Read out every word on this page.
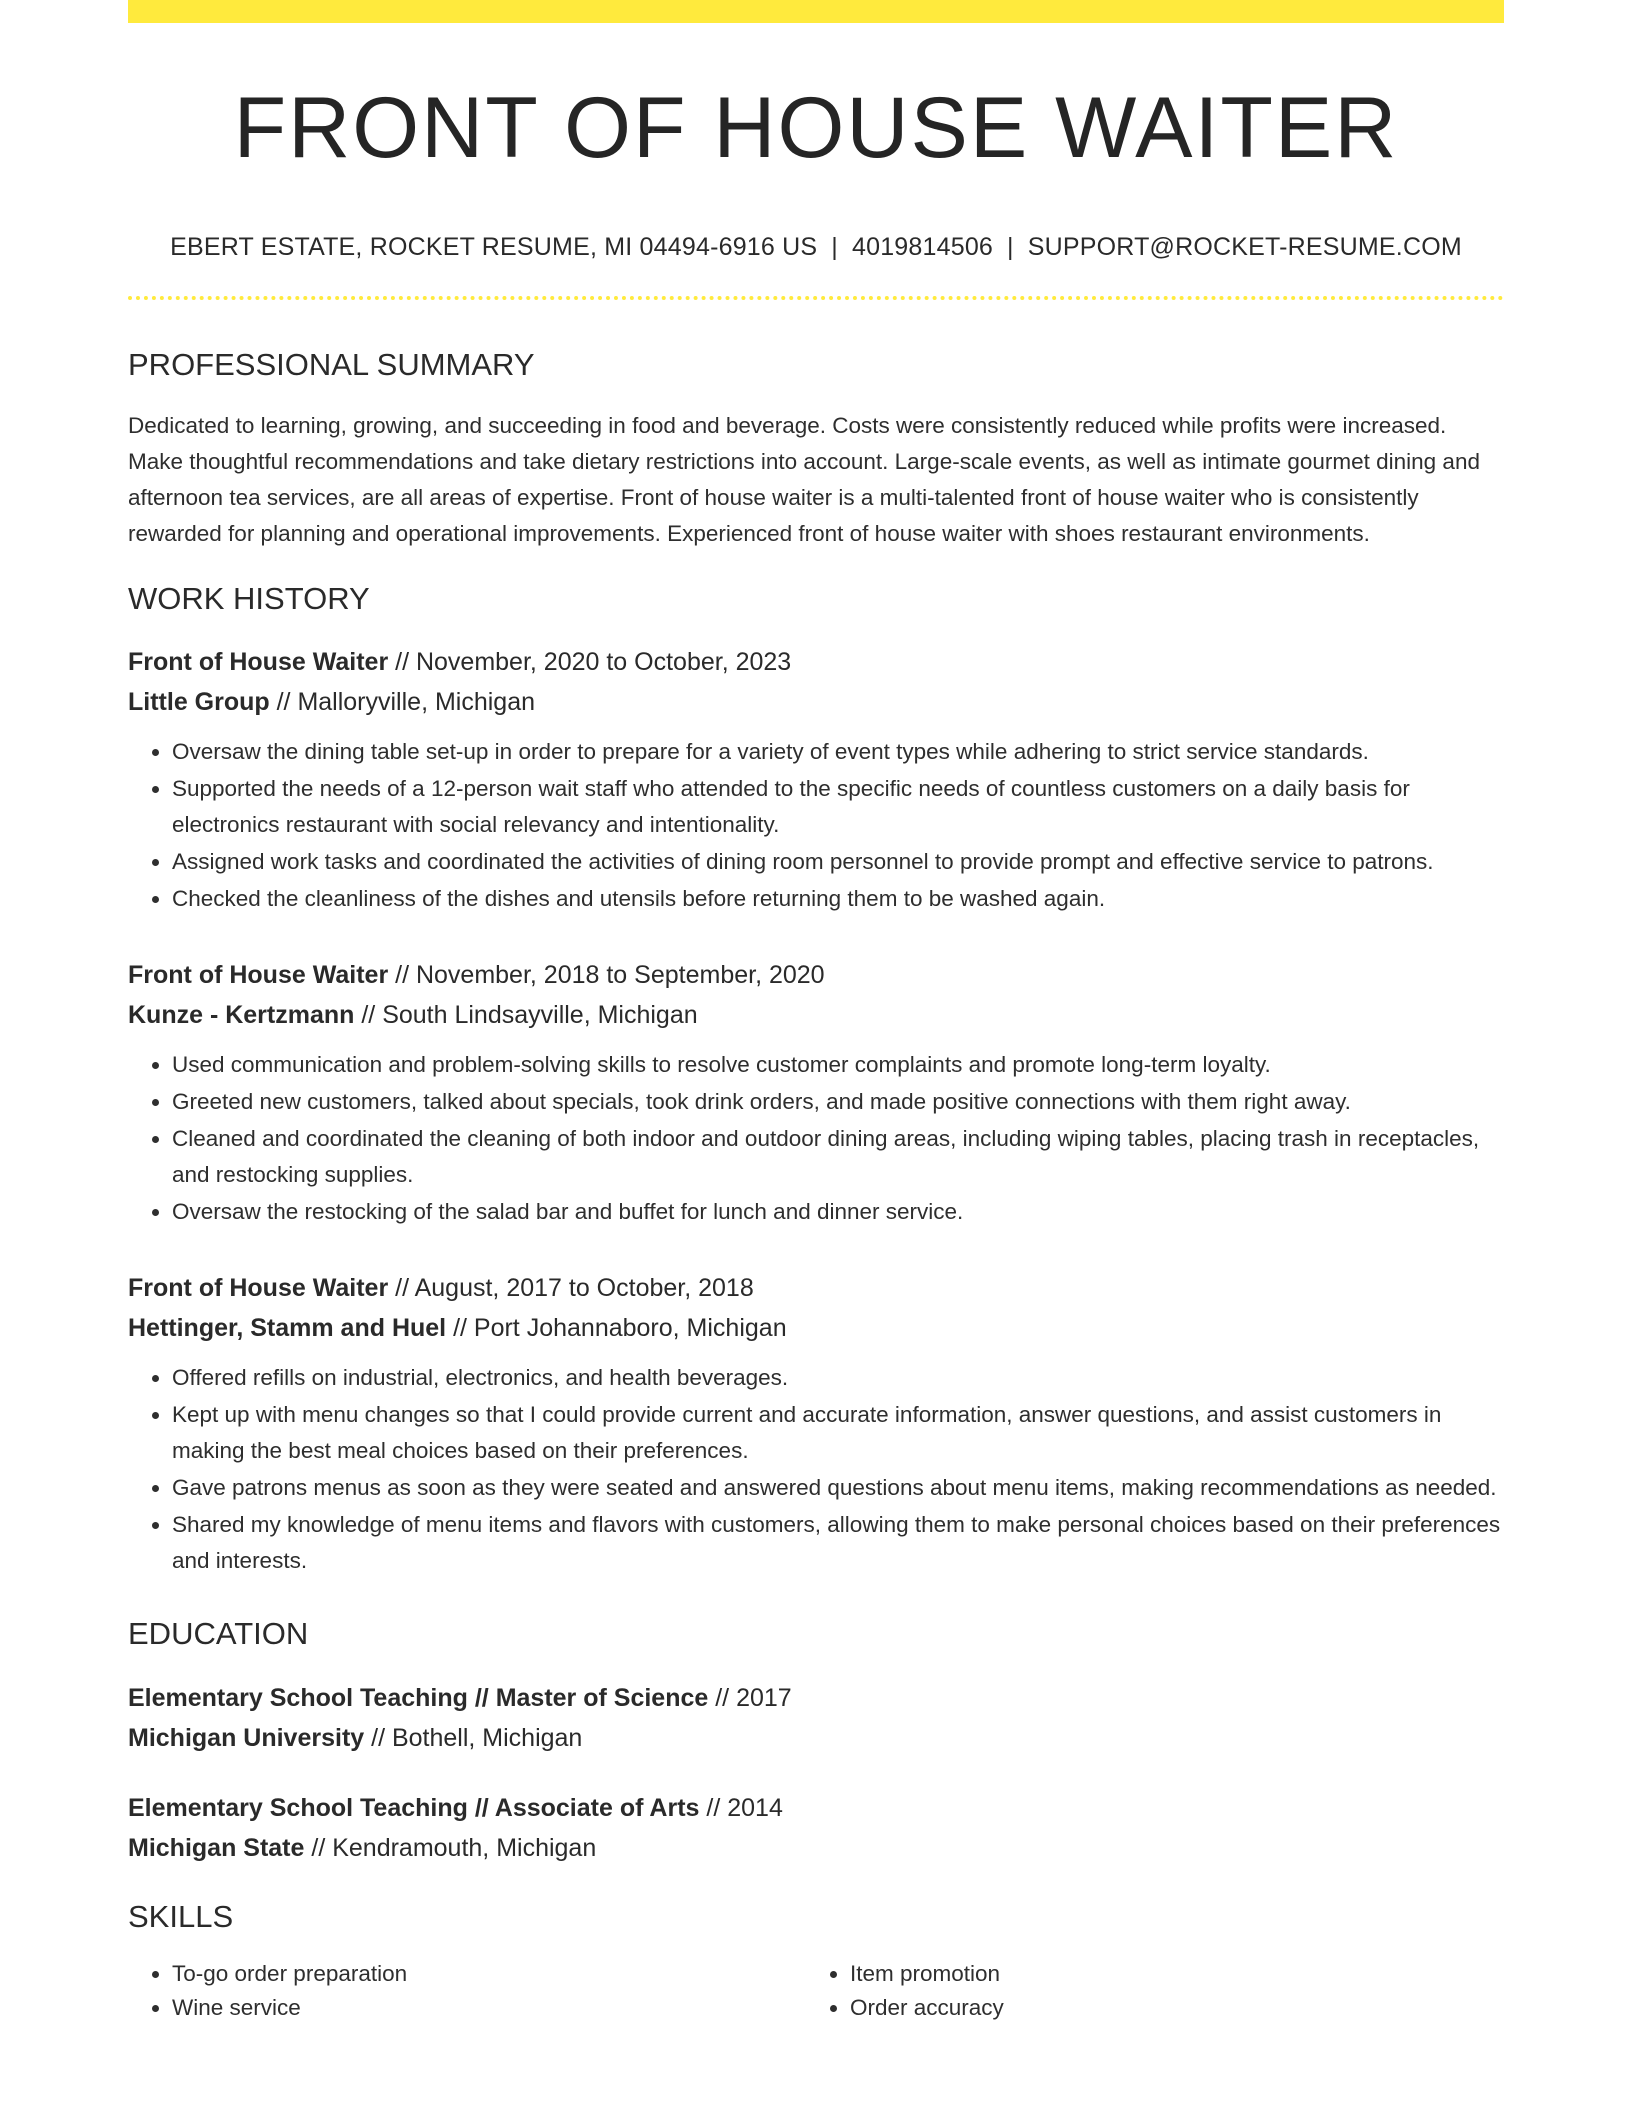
FRONT OF HOUSE WAITER
EBERT ESTATE, ROCKET RESUME, MI 04494-6916 US | 4019814506 | SUPPORT@ROCKET-RESUME.COM
PROFESSIONAL SUMMARY
Dedicated to learning, growing, and succeeding in food and beverage. Costs were consistently reduced while profits were increased. Make thoughtful recommendations and take dietary restrictions into account. Large-scale events, as well as intimate gourmet dining and afternoon tea services, are all areas of expertise. Front of house waiter is a multi-talented front of house waiter who is consistently rewarded for planning and operational improvements. Experienced front of house waiter with shoes restaurant environments.
WORK HISTORY
Front of House Waiter // November, 2020 to October, 2023
Little Group // Malloryville, Michigan
• Oversaw the dining table set-up in order to prepare for a variety of event types while adhering to strict service standards.
• Supported the needs of a 12-person wait staff who attended to the specific needs of countless customers on a daily basis for electronics restaurant with social relevancy and intentionality.
• Assigned work tasks and coordinated the activities of dining room personnel to provide prompt and effective service to patrons.
• Checked the cleanliness of the dishes and utensils before returning them to be washed again.
Front of House Waiter // November, 2018 to September, 2020
Kunze - Kertzmann // South Lindsayville, Michigan
• Used communication and problem-solving skills to resolve customer complaints and promote long-term loyalty.
• Greeted new customers, talked about specials, took drink orders, and made positive connections with them right away.
• Cleaned and coordinated the cleaning of both indoor and outdoor dining areas, including wiping tables, placing trash in receptacles, and restocking supplies.
• Oversaw the restocking of the salad bar and buffet for lunch and dinner service.
Front of House Waiter // August, 2017 to October, 2018
Hettinger, Stamm and Huel // Port Johannaboro, Michigan
• Offered refills on industrial, electronics, and health beverages.
• Kept up with menu changes so that I could provide current and accurate information, answer questions, and assist customers in making the best meal choices based on their preferences.
• Gave patrons menus as soon as they were seated and answered questions about menu items, making recommendations as needed.
• Shared my knowledge of menu items and flavors with customers, allowing them to make personal choices based on their preferences and interests.
EDUCATION
Elementary School Teaching // Master of Science // 2017
Michigan University // Bothell, Michigan
Elementary School Teaching // Associate of Arts // 2014
Michigan State // Kendramouth, Michigan
SKILLS
• To-go order preparation
• Wine service
• Item promotion
• Order accuracy
